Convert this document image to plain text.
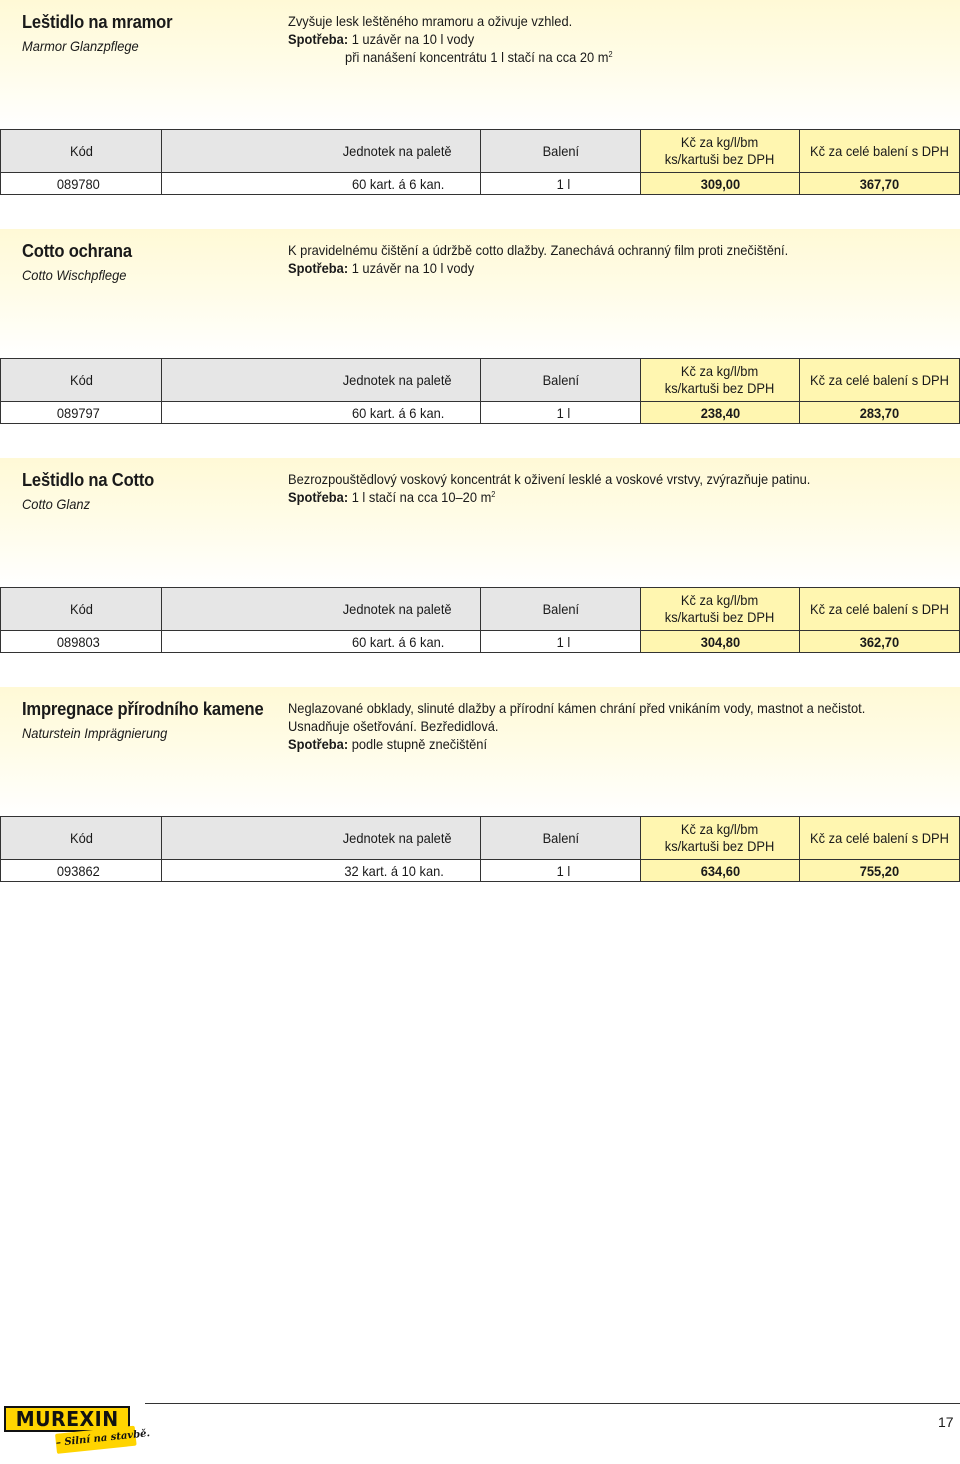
Leštidlo na mramor
Marmor Glanzpflege
Zvyšuje lesk leštěného mramoru a oživuje vzhled.
Spotřeba: 1 uzávěr na 10 l vody
při nanášení koncentrátu 1 l stačí na cca 20 $m^2$
Kód	Jednotek na paletě	Balení	Kč za kg/l/bm
ks/kartuši bez DPH	Kč za celé balení s DPH
089780	60 kart. á 6 kan.	1 l	309,00	367,70
Cotto ochrana
Cotto Wischpflege
K pravidelnému čištění a údržbě cotto dlažby. Zanechává ochranný film proti znečištění.
Spotřeba: 1 uzávěr na 10 l vody
Kód	Jednotek na paletě	Balení	Kč za kg/l/bm
ks/kartuši bez DPH	Kč za celé balení s DPH
089797	60 kart. á 6 kan.	1 l	238,40	283,70
Leštidlo na Cotto
Cotto Glanz
Bezrozpouštědlový voskový koncentrát k oživení lesklé a voskové vrstvy, zvýrazňuje patinu.
Spotřeba: 1 l stačí na cca 10–20 $m^2$
Kód	Jednotek na paletě	Balení	Kč za kg/l/bm
ks/kartuši bez DPH	Kč za celé balení s DPH
089803	60 kart. á 6 kan.	1 l	304,80	362,70
Impregnace přírodního kamene
Naturstein Imprägnierung
Neglazované obklady, slinuté dlažby a přírodní kámen chrání před vnikáním vody, mastnot a nečistot.
Usnadňuje ošetřování. Bezředidlová.
Spotřeba: podle stupně znečištění
Kód	Jednotek na paletě	Balení	Kč za kg/l/bm
ks/kartuši bez DPH	Kč za celé balení s DPH
093862	32 kart. á 10 kan.	1 l	634,60	755,20
MUREXIN
– Silní na stavbě.
17
